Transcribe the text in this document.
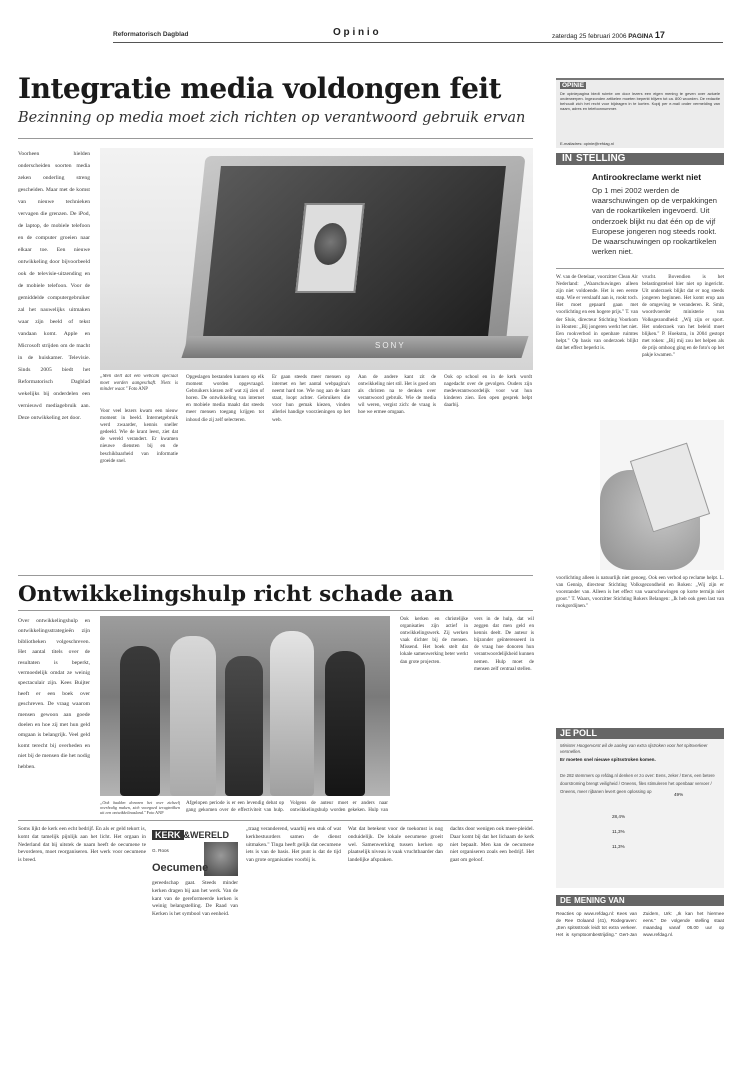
Reformatorisch Dagblad	O p i n i o	zaterdag 25 februari 2006 PAGINA 17
Integratie media voldongen feit
Bezinning op media moet zich richten op verantwoord gebruik ervan
Voorheen hielden onderscheiden soorten media zeken onderling streng gescheiden. Maar met de komst van nieuwe technieken vervagen die grenzen. De iPod, de laptop, de mobiele telefoon en de computer groeien naar elkaar toe. Een nieuwe ontwikkeling door bijvoorbeeld ook de televisie-uitzending en de mobiele telefoon. Voor de gemiddelde computergebruiker zal het nauwelijks uitmaken waar zijn beeld of tekst vandaan komt. Apple en Microsoft strijden om de macht in de huiskamer. Televisie. Sinds 2005 biedt het Reformatorisch Dagblad wekelijks bij onderdelen een vernieuwd mediagebruik aan. Deze ontwikkeling zet door.
SONY
„Men stelt dat een webcam speciaal moet worden aangeschaft. Niets is minder waar." Foto ANP
Voor veel lezers kwam een nieuw moment in beeld. Internetgebruik werd zwaarder, kennis sneller gedeeld. Wie de krant leest, ziet dat de wereld verandert. Er kwamen nieuwe diensten bij en de beschikbaarheid van informatie groeide snel.
Opgeslagen bestanden kunnen op elk moment worden opgevraagd. Gebruikers kiezen zelf wat zij zien of horen. De ontwikkeling van internet en mobiele media maakt dat steeds meer mensen toegang krijgen tot inhoud die zij zelf selecteren.
Er gaan steeds meer mensen op internet en het aantal webpagina's neemt hard toe. Wie nog aan de kant staat, loopt achter. Gebruikers die voor hun gemak kiezen, vinden allerlei handige voorzieningen op het web.
Aan de andere kant zit de ontwikkeling niet stil. Het is goed om als christen na te denken over verantwoord gebruik. Wie de media wil weren, vergist zich: de vraag is hoe we ermee omgaan.
Ook op school en in de kerk wordt nagedacht over de gevolgen. Ouders zijn medeverantwoordelijk voor wat hun kinderen zien. Een open gesprek helpt daarbij.
OPINIE
De opiniepagina biedt ruimte om door lezers een eigen mening te geven over actuele onderwerpen. Ingezonden artikelen moeten beperkt blijven tot ca. 800 woorden. De redactie behoudt zich het recht voor bijdragen in te korten. Kopij per e-mail onder vermelding van naam, adres en telefoonnummer.
E-mailadres: opinie@refdag.nl
IN STELLING
Antirookreclame werkt niet
Op 1 mei 2002 werden de waarschuwingen op de verpakkingen van de rookartikelen ingevoerd. Uit onderzoek blijkt nu dat één op de vijf Europese jongeren nog steeds rookt. De waarschuwingen op rookartikelen werken niet.
W. van de Oetelaar, voorzitter Clean Air Nederland: „Waarschuwingen alleen zijn niet voldoende. Het is een eerste stap. Wie er verslaafd aan is, rookt toch. Het moet gepaard gaan met voorlichting en een hogere prijs." T. van der Sluis, directeur Stichting Voorkom in Houten: „Bij jongeren werkt het niet. Een rookverbod in openbare ruimtes helpt." Op basis van onderzoek blijkt dat het effect beperkt is.
vrucht. Bovendien is het belastingstelsel hier niet op ingericht. Uit onderzoek blijkt dat er nog steeds jongeren beginnen. Het komt erop aan de omgeving te veranderen. R. Smit, woordvoerder ministerie van Volksgezondheid: „Wij zijn er sport. Het onderzoek van het beleid moet blijken." P. Hoekstra, in 2004 gestopt met roken: „Bij mij zou het helpen als de prijs omhoog ging en de foto's op het pakje kwamen."
voorlichting alleen is natuurlijk niet genoeg. Ook een verbod op reclame helpt. L. van Gennip, directeur Stichting Volksgezondheid en Roken: „Wij zijn er voorstander van. Alleen is het effect van waarschuwingen op korte termijn niet groot." T. Waars, voorzitter Stichting Rokers Belangen: „Ik heb ook geen last van rookgordijnen."
JE POLL
Minister Hoogervorst wil de aanleg van extra rijstroken voor het spitsverkeer versnellen.
Er moeten snel nieuwe spitsstroken komen.
De 282 stemmers op refdag.nl denken er zo over: Eens, zeker / Eens, een betere doorstroming brengt veiligheid / Oneens, files stimuleren het openbaar vervoer / Oneens, meer rijbanen levert geen oplossing op
49%
28,4%
11,3%
11,3%
DE MENING VAN
Reacties op www.refdag.nl: Kees van de Ree Oolaand (41), Rodegraven: „Een spitsstrook leidt tot extra verkeer. Het is symptoombestrijding." Gert-Jan Zuidem, Urk: „Ik kan het hiermee eens." De volgende stelling staat maandag vanaf 06.00 uur op www.refdag.nl.
Ontwikkelingshulp richt schade aan
Over ontwikkelingshulp en ontwikkelingsstrategieën zijn bibliotheken volgeschreven. Het aantal titels over de resultaten is beperkt, vermoedelijk omdat ze weinig spectaculair zijn. Kees Buijter heeft er een boek over geschreven. De vraag waarom mensen gewoon aan goede doelen en hoe zij met hun geld omgaan is belangrijk. Veel geld komt terecht bij overheden en niet bij de mensen die het nodig hebben.
„Ook hadden donoren het over zichzelf overbodig maken, zich voorgoed terugtrekken uit een ontwikkelingsland." Foto ANP
Afgelopen periode is er een levendig debat op gang gekomen over de effectiviteit van hulp.
Volgens de auteur moet er anders naar ontwikkelingshulp worden gekeken. Hulp van
Ook kerken en christelijke organisaties zijn actief in ontwikkelingswerk. Zij werken vaak dichter bij de mensen. Missend. Het boek stelt dat lokale samenwerking beter werkt dan grote projecten.
vers in de hulp, dat wil zeggen dat men geld en kennis deelt. De auteur is bijzonder geïnteresseerd in de vraag hoe donoren hun verantwoordelijkheid kunnen nemen. Hulp moet de mensen zelf centraal stellen.
Soms lijkt de kerk een echt bedrijf. En als er geld tekort is, komt dat tamelijk pijnlijk aan het licht. Het orgaan in Nederland dat bij uitstek de naam heeft de oecumene te bevorderen, moet reorganiseren. Het werk voor oecumene is breed.
KERK &WERELD
G. Roos
Oecumene
gereedschap gaat. Steeds minder kerken dragen bij aan het werk. Van de kant van de gereformeerde kerken is weinig belangstelling. De Raad van Kerken is het symbool van eenheid.
„traag veranderend, waarbij een stuk of wat kerkbestuurders samen de dienst uitmaken." Tinga heeft gelijk dat oecumene iets is van de basis. Het punt is dat de tijd van grote organisaties voorbij is.
Wat dat betekent voor de toekomst is nog onduidelijk. De lokale oecumene groeit wel. Samenwerking tussen kerken op plaatselijk niveau is vaak vruchtbaarder dan landelijke afspraken.
dachts door wenigen ook meer-pleidel. Daar komt bij dat het lichaam de kerk niet bepaalt. Men kan de oecumene niet organiseren zoals een bedrijf. Het gaat om geloof.
